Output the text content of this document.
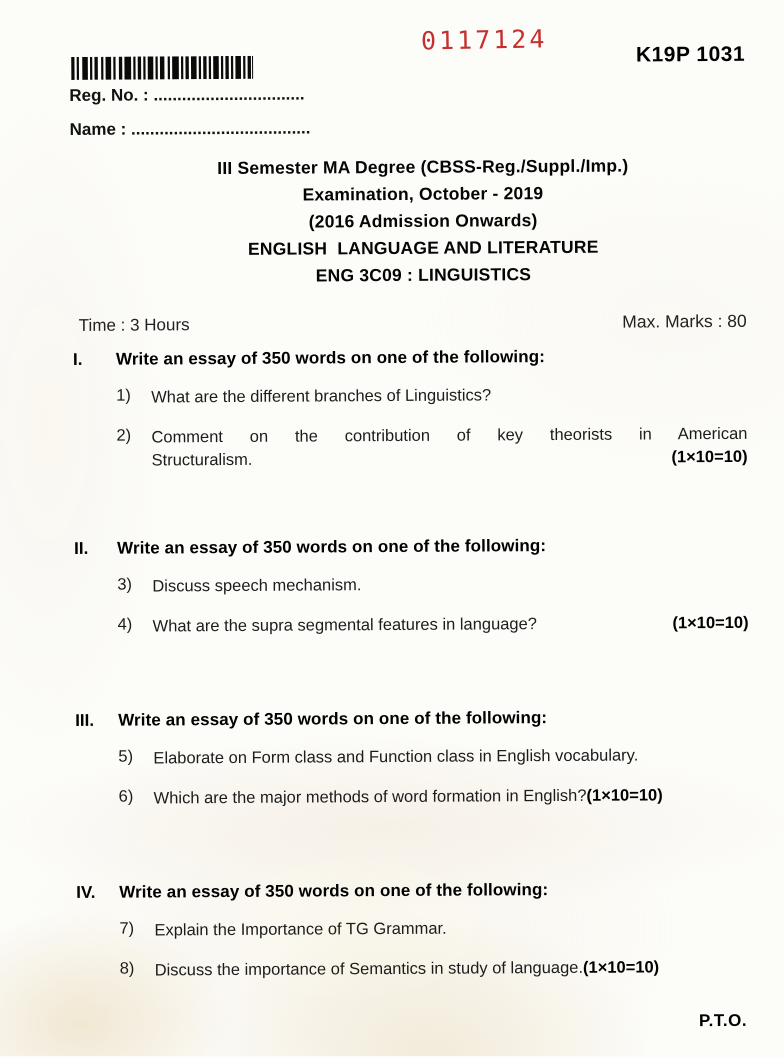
0117124	K19P 1031
Reg. No. : ................................
Name : ......................................
III Semester MA Degree (CBSS-Reg./Suppl./Imp.)
Examination, October - 2019
(2016 Admission Onwards)
ENGLISH  LANGUAGE AND LITERATURE
ENG 3C09 : LINGUISTICS
Time : 3 Hours	Max. Marks : 80
I.	Write an essay of 350 words on one of the following:
1)	What are the different branches of Linguistics?
2)	Comment on the contribution of key theorists in American
Structuralism.	(1×10=10)
II.	Write an essay of 350 words on one of the following:
3)	Discuss speech mechanism.
4)	What are the supra segmental features in language?	(1×10=10)
III.	Write an essay of 350 words on one of the following:
5)	Elaborate on Form class and Function class in English vocabulary.
6)	Which are the major methods of word formation in English?(1×10=10)
IV.	Write an essay of 350 words on one of the following:
7)	Explain the Importance of TG Grammar.
8)	Discuss the importance of Semantics in study of language.(1×10=10)
P.T.O.
